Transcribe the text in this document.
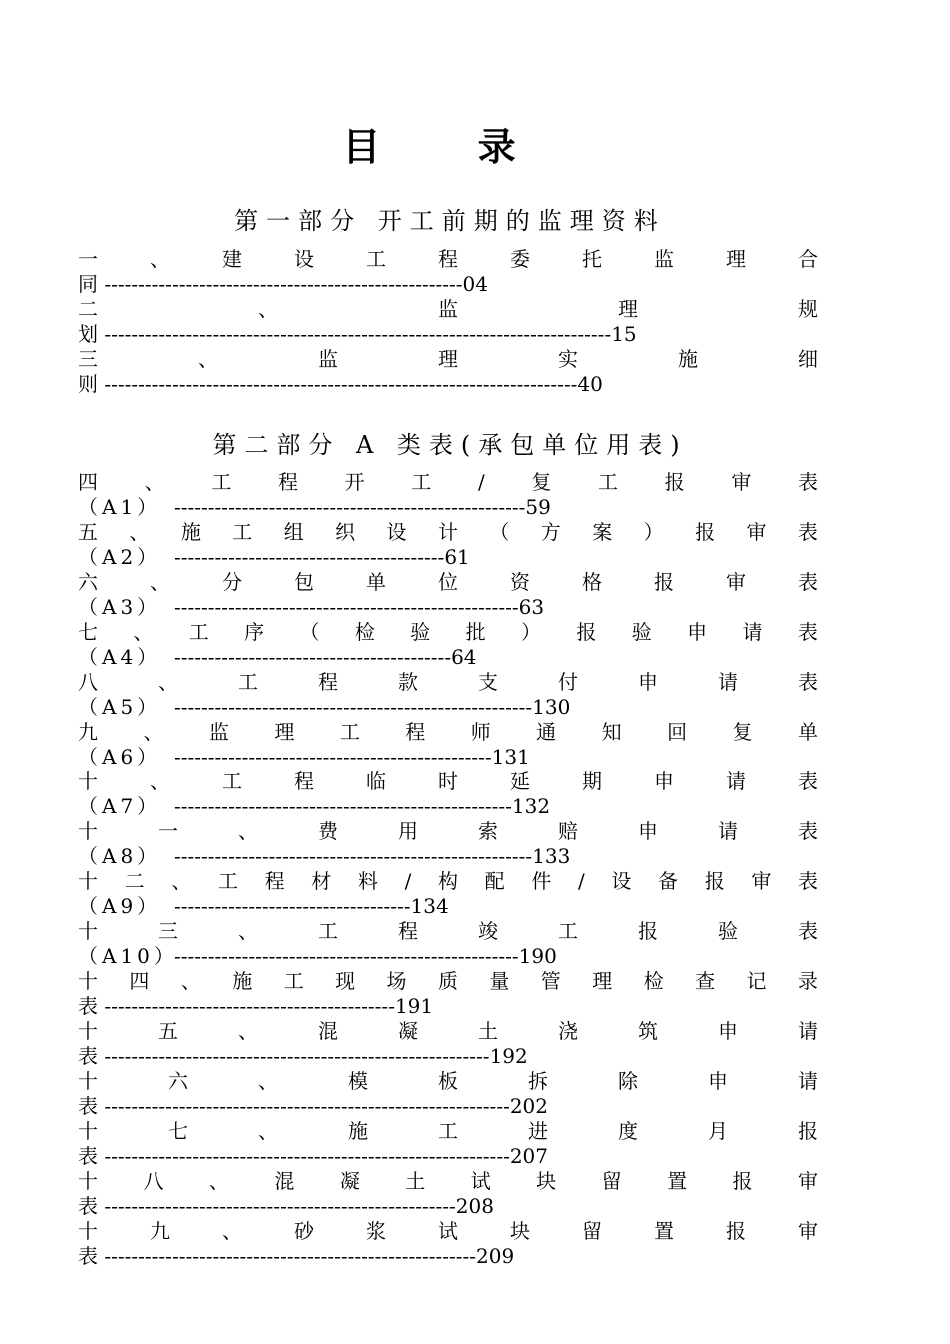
目 录
第一部分 开工前期的监理资料
一	、	建	设	工	程	委	托	监	理	合
同 -----------------------------------------------------04
二	、	监	理	规
划 ---------------------------------------------------------------------------15
三	、	监	理	实	施	细
则 ----------------------------------------------------------------------40
第二部分 A 类表(承包单位用表)
四 、 工 程 开 工 / 复 工 报 审 表
（A1） ----------------------------------------------------59
五 、 施 工 组 织 设 计 （ 方 案 ） 报 审 表
（A2） ----------------------------------------61
六	、	分	包	单	位	资	格	报	审	表
（A3） ---------------------------------------------------63
七 、 工 序 （ 检 验 批 ） 报 验 申 请 表
（A4） -----------------------------------------64
八	、	工	程	款	支	付	申	请	表
（A5） -----------------------------------------------------130
九 、 监 理 工 程 师 通 知 回 复 单
（A6） -----------------------------------------------131
十	、	工	程	临	时	延	期	申	请	表
（A7） --------------------------------------------------132
十	一	、	费	用	索	赔	申	请	表
（A8） -----------------------------------------------------133
十 二 、 工 程 材 料 / 构 配 件 / 设 备 报 审 表
（A9） -----------------------------------134
十	三	、	工	程	竣	工	报	验	表
（A10）---------------------------------------------------190
十 四 、 施 工 现 场 质 量 管 理 检 查 记 录
表 -------------------------------------------191
十	五	、	混	凝	土	浇	筑	申	请
表 ---------------------------------------------------------192
十	六	、	模	板	拆	除	申	请
表 ------------------------------------------------------------202
十	七	、	施	工	进	度	月	报
表 ------------------------------------------------------------207
十 八 、 混 凝 土 试 块 留 置 报 审
表 ----------------------------------------------------208
十	九	、	砂	浆	试	块	留	置	报	审
表 -------------------------------------------------------209
